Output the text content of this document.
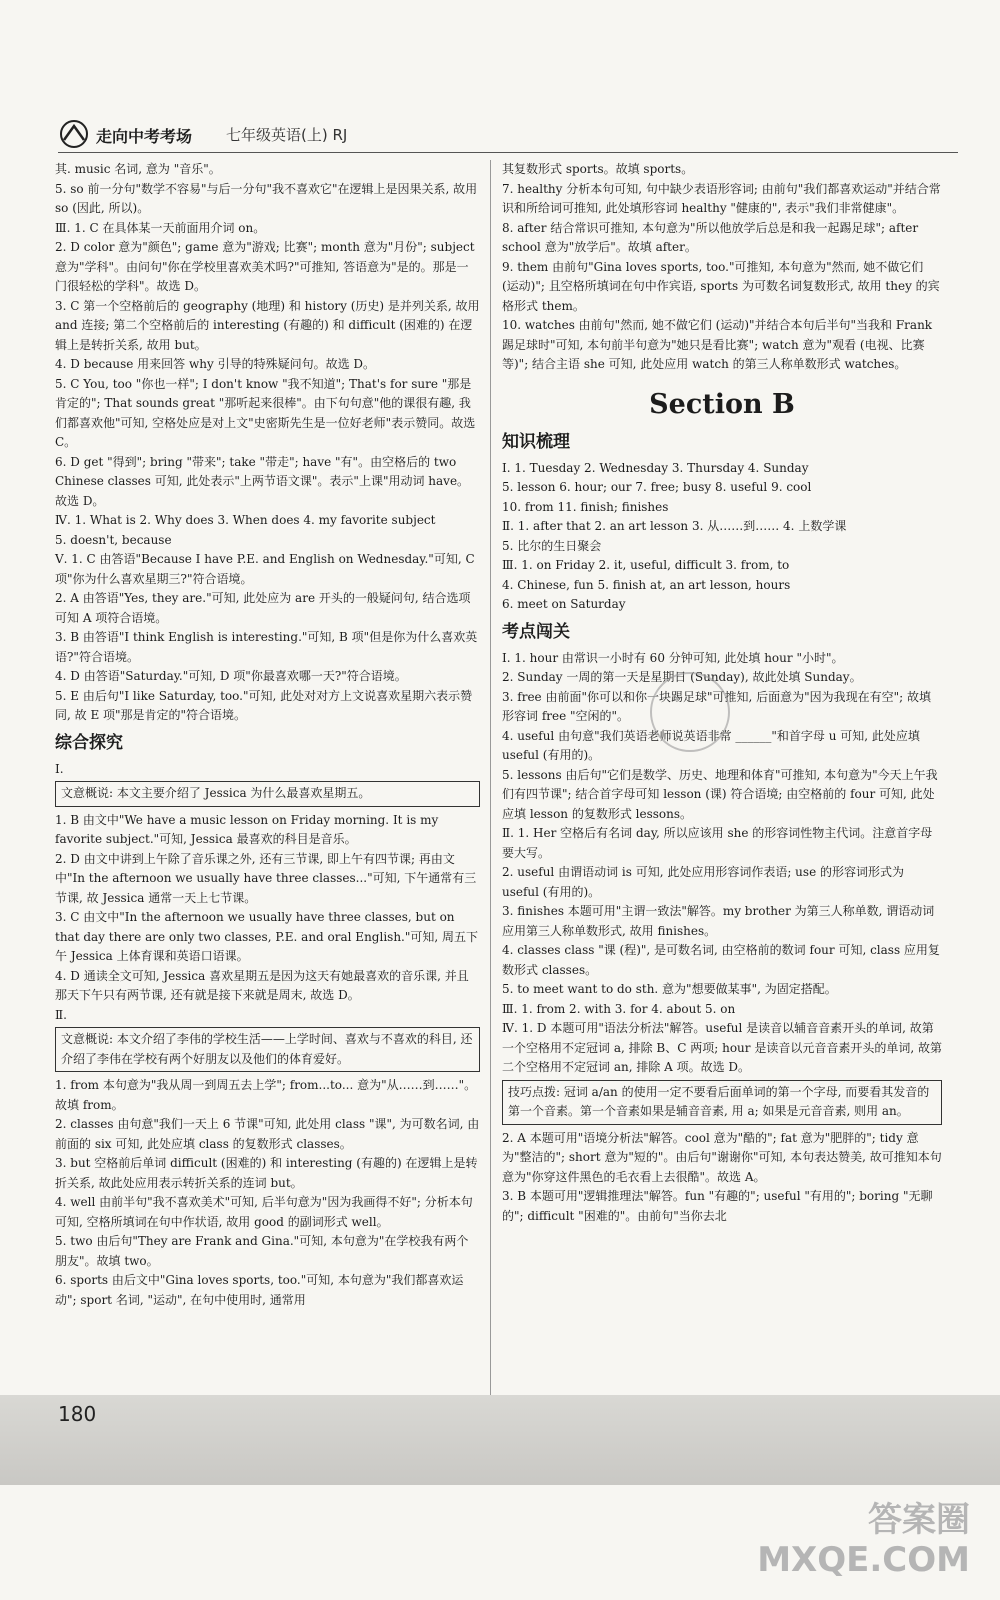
走向中考考场 七年级英语(上) RJ

其. music 名词, 意为 "音乐"。

5. so 前一分句"数学不容易"与后一分句"我不喜欢它"在逻辑上是因果关系, 故用 so (因此, 所以)。

Ⅲ. 1. C 在具体某一天前面用介词 on。

2. D color 意为"颜色"; game 意为"游戏; 比赛"; month 意为"月份"; subject 意为"学科"。由问句"你在学校里喜欢美术吗?"可推知, 答语意为"是的。那是一门很轻松的学科"。故选 D。

3. C 第一个空格前后的 geography (地理) 和 history (历史) 是并列关系, 故用 and 连接; 第二个空格前后的 interesting (有趣的) 和 difficult (困难的) 在逻辑上是转折关系, 故用 but。

4. D because 用来回答 why 引导的特殊疑问句。故选 D。

5. C You, too "你也一样"; I don't know "我不知道"; That's for sure "那是肯定的"; That sounds great "那听起来很棒"。由下句句意"他的课很有趣, 我们都喜欢他"可知, 空格处应是对上文"史密斯先生是一位好老师"表示赞同。故选 C。

6. D get "得到"; bring "带来"; take "带走"; have "有"。由空格后的 two Chinese classes 可知, 此处表示"上两节语文课"。表示"上课"用动词 have。故选 D。

Ⅳ. 1. What is 2. Why does 3. When does 4. my favorite subject

5. doesn't, because

Ⅴ. 1. C 由答语"Because I have P.E. and English on Wednesday."可知, C 项"你为什么喜欢星期三?"符合语境。

2. A 由答语"Yes, they are."可知, 此处应为 are 开头的一般疑问句, 结合选项可知 A 项符合语境。

3. B 由答语"I think English is interesting."可知, B 项"但是你为什么喜欢英语?"符合语境。

4. D 由答语"Saturday."可知, D 项"你最喜欢哪一天?"符合语境。

5. E 由后句"I like Saturday, too."可知, 此处对对方上文说喜欢星期六表示赞同, 故 E 项"那是肯定的"符合语境。

综合探究
Ⅰ.
文意概说: 本文主要介绍了 Jessica 为什么最喜欢星期五。

1. B 由文中"We have a music lesson on Friday morning. It is my favorite subject."可知, Jessica 最喜欢的科目是音乐。

2. D 由文中讲到上午除了音乐课之外, 还有三节课, 即上午有四节课; 再由文中"In the afternoon we usually have three classes..."可知, 下午通常有三节课, 故 Jessica 通常一天上七节课。

3. C 由文中"In the afternoon we usually have three classes, but on that day there are only two classes, P.E. and oral English."可知, 周五下午 Jessica 上体育课和英语口语课。

4. D 通读全文可知, Jessica 喜欢星期五是因为这天有她最喜欢的音乐课, 并且那天下午只有两节课, 还有就是接下来就是周末, 故选 D。

Ⅱ.
文意概说: 本文介绍了李伟的学校生活——上学时间、喜欢与不喜欢的科目, 还介绍了李伟在学校有两个好朋友以及他们的体育爱好。

1. from 本句意为"我从周一到周五去上学"; from...to... 意为"从……到……"。故填 from。

2. classes 由句意"我们一天上 6 节课"可知, 此处用 class "课", 为可数名词, 由前面的 six 可知, 此处应填 class 的复数形式 classes。

3. but 空格前后单词 difficult (困难的) 和 interesting (有趣的) 在逻辑上是转折关系, 故此处应用表示转折关系的连词 but。

4. well 由前半句"我不喜欢美术"可知, 后半句意为"因为我画得不好"; 分析本句可知, 空格所填词在句中作状语, 故用 good 的副词形式 well。

5. two 由后句"They are Frank and Gina."可知, 本句意为"在学校我有两个朋友"。故填 two。

6. sports 由后文中"Gina loves sports, too."可知, 本句意为"我们都喜欢运动"; sport 名词, "运动", 在句中使用时, 通常用

其复数形式 sports。故填 sports。

7. healthy 分析本句可知, 句中缺少表语形容词; 由前句"我们都喜欢运动"并结合常识和所给词可推知, 此处填形容词 healthy "健康的", 表示"我们非常健康"。

8. after 结合常识可推知, 本句意为"所以他放学后总是和我一起踢足球"; after school 意为"放学后"。故填 after。

9. them 由前句"Gina loves sports, too."可推知, 本句意为"然而, 她不做它们 (运动)"; 且空格所填词在句中作宾语, sports 为可数名词复数形式, 故用 they 的宾格形式 them。

10. watches 由前句"然而, 她不做它们 (运动)"并结合本句后半句"当我和 Frank 踢足球时"可知, 本句前半句意为"她只是看比赛"; watch 意为"观看 (电视、比赛等)"; 结合主语 she 可知, 此处应用 watch 的第三人称单数形式 watches。

Section B
知识梳理

Ⅰ. 1. Tuesday 2. Wednesday 3. Thursday 4. Sunday

5. lesson 6. hour; our 7. free; busy 8. useful 9. cool

10. from 11. finish; finishes

Ⅱ. 1. after that 2. an art lesson 3. 从……到…… 4. 上数学课

5. 比尔的生日聚会

Ⅲ. 1. on Friday 2. it, useful, difficult 3. from, to

4. Chinese, fun 5. finish at, an art lesson, hours

6. meet on Saturday

考点闯关

Ⅰ. 1. hour 由常识一小时有 60 分钟可知, 此处填 hour "小时"。

2. Sunday 一周的第一天是星期日 (Sunday), 故此处填 Sunday。

3. free 由前面"你可以和你一块踢足球"可推知, 后面意为"因为我现在有空"; 故填形容词 free "空闲的"。

4. useful 由句意"我们英语老师说英语非常 ______"和首字母 u 可知, 此处应填 useful (有用的)。

5. lessons 由后句"它们是数学、历史、地理和体育"可推知, 本句意为"今天上午我们有四节课"; 结合首字母可知 lesson (课) 符合语境; 由空格前的 four 可知, 此处应填 lesson 的复数形式 lessons。

Ⅱ. 1. Her 空格后有名词 day, 所以应该用 she 的形容词性物主代词。注意首字母要大写。

2. useful 由谓语动词 is 可知, 此处应用形容词作表语; use 的形容词形式为 useful (有用的)。

3. finishes 本题可用"主谓一致法"解答。my brother 为第三人称单数, 谓语动词应用第三人称单数形式, 故用 finishes。

4. classes class "课 (程)", 是可数名词, 由空格前的数词 four 可知, class 应用复数形式 classes。

5. to meet want to do sth. 意为"想要做某事", 为固定搭配。

Ⅲ. 1. from 2. with 3. for 4. about 5. on

Ⅳ. 1. D 本题可用"语法分析法"解答。useful 是读音以辅音音素开头的单词, 故第一个空格用不定冠词 a, 排除 B、C 两项; hour 是读音以元音音素开头的单词, 故第二个空格用不定冠词 an, 排除 A 项。故选 D。

技巧点拨: 冠词 a/an 的使用一定不要看后面单词的第一个字母, 而要看其发音的第一个音素。第一个音素如果是辅音音素, 用 a; 如果是元音音素, 则用 an。

2. A 本题可用"语境分析法"解答。cool 意为"酷的"; fat 意为"肥胖的"; tidy 意为"整洁的"; short 意为"短的"。由后句"谢谢你"可知, 本句表达赞美, 故可推知本句意为"你穿这件黑色的毛衣看上去很酷"。故选 A。

3. B 本题可用"逻辑推理法"解答。fun "有趣的"; useful "有用的"; boring "无聊的"; difficult "困难的"。由前句"当你去北

180
答案圈
MXQE.COM
